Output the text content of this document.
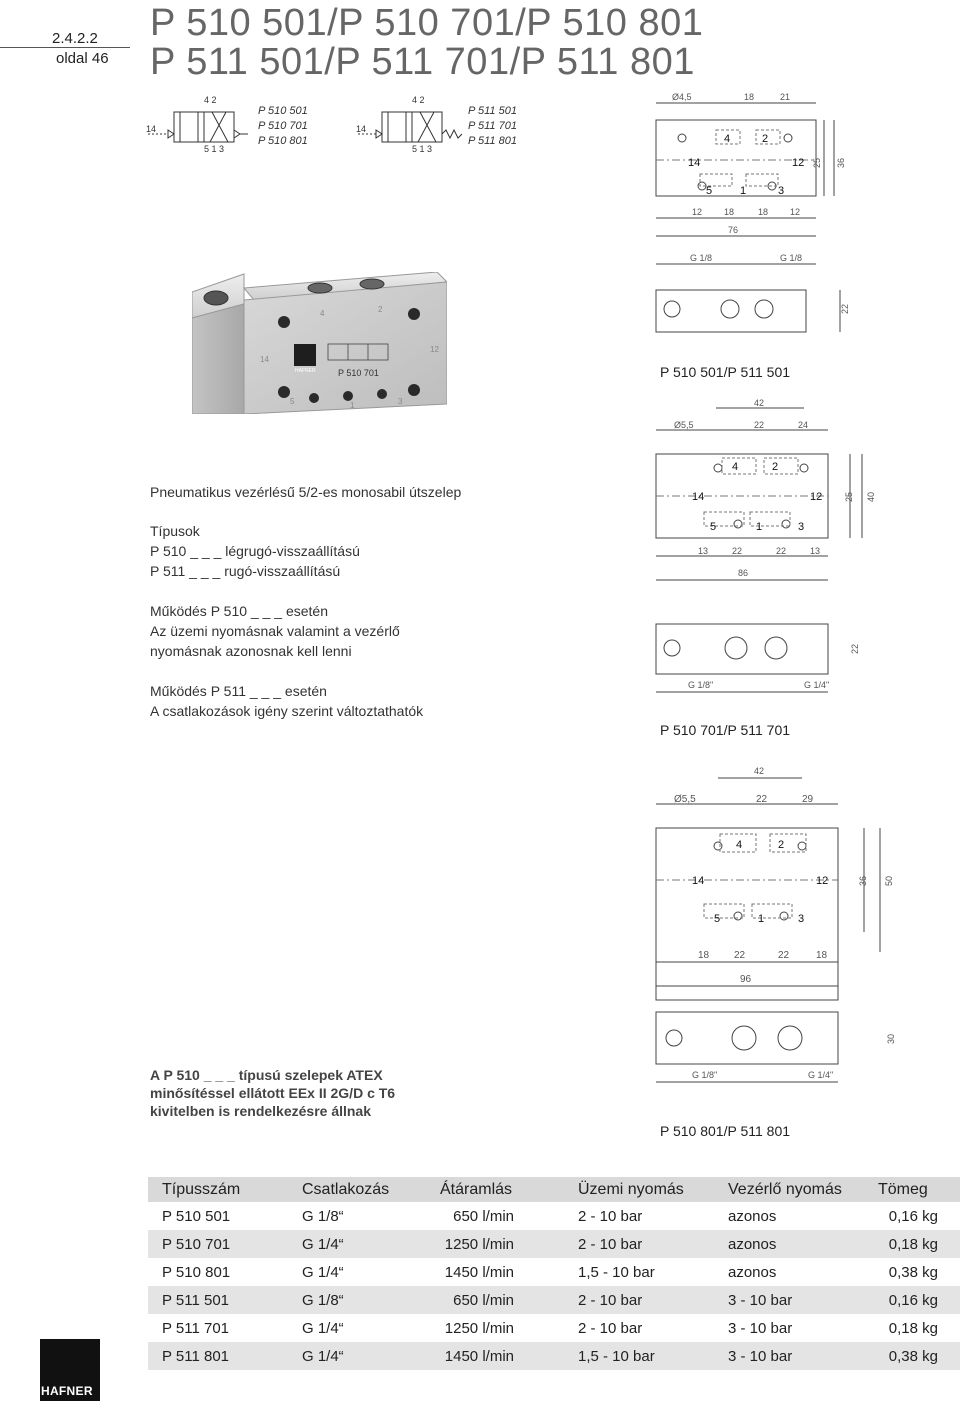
2.4.2.2
oldal 46
P 510 501/P 510 701/P 510 801
P 511 501/P 511 701/P 511 801
4 2
14
5 1 3
P 510 501
P 510 701
P 510 801
4 2
14
5 1 3
P 511 501
P 511 701
P 511 801
HAFNER P 510 701
4	2
14
12
5	1	3
Pneumatikus vezérlésű 5/2-es monosabil útszelep
Típusok
P 510 _ _ _ légrugó-visszaállítású
P 511 _ _ _ rugó-visszaállítású
Működés P 510 _ _ _ esetén
Az üzemi nyomásnak valamint a vezérlő
nyomásnak azonosnak kell lenni
Működés P 511 _ _ _ esetén
A csatlakozások igény szerint változtathatók
A P 510 _ _ _ típusú szelepek ATEX
minősítéssel ellátott EEx II 2G/D c T6
kivitelben is rendelkezésre állnak
Ø4,5	18	21
4	2
14	12
5	1	3
25 36
12 18	18 12
76
G 1/8	G 1/8
22
P 510 501/P 511 501
42
Ø5,5	22	24
4	2
14	12
5	1	3
25 40
13	22	22	13
86
G 1/8"	G 1/4"
22
P 510 701/P 511 701
42
Ø5,5	22	29
4	2
14	12
5	1	3
36 50
18 22	22	18
96
G 1/8"	G 1/4"
30
P 510 801/P 511 801
Típusszám	Csatlakozás	Átáramlás	Üzemi nyomás	Vezérlő nyomás	Tömeg
P 510 501	G 1/8“	650 l/min	2 - 10 bar	azonos	0,16 kg
P 510 701	G 1/4“	1250 l/min	2 - 10 bar	azonos	0,18 kg
P 510 801	G 1/4“	1450 l/min	1,5 - 10 bar	azonos	0,38 kg
P 511 501	G 1/8“	650 l/min	2 - 10 bar	3 - 10 bar	0,16 kg
P 511 701	G 1/4“	1250 l/min	2 - 10 bar	3 - 10 bar	0,18 kg
P 511 801	G 1/4“	1450 l/min	1,5 - 10 bar	3 - 10 bar	0,38 kg
HAFNER
